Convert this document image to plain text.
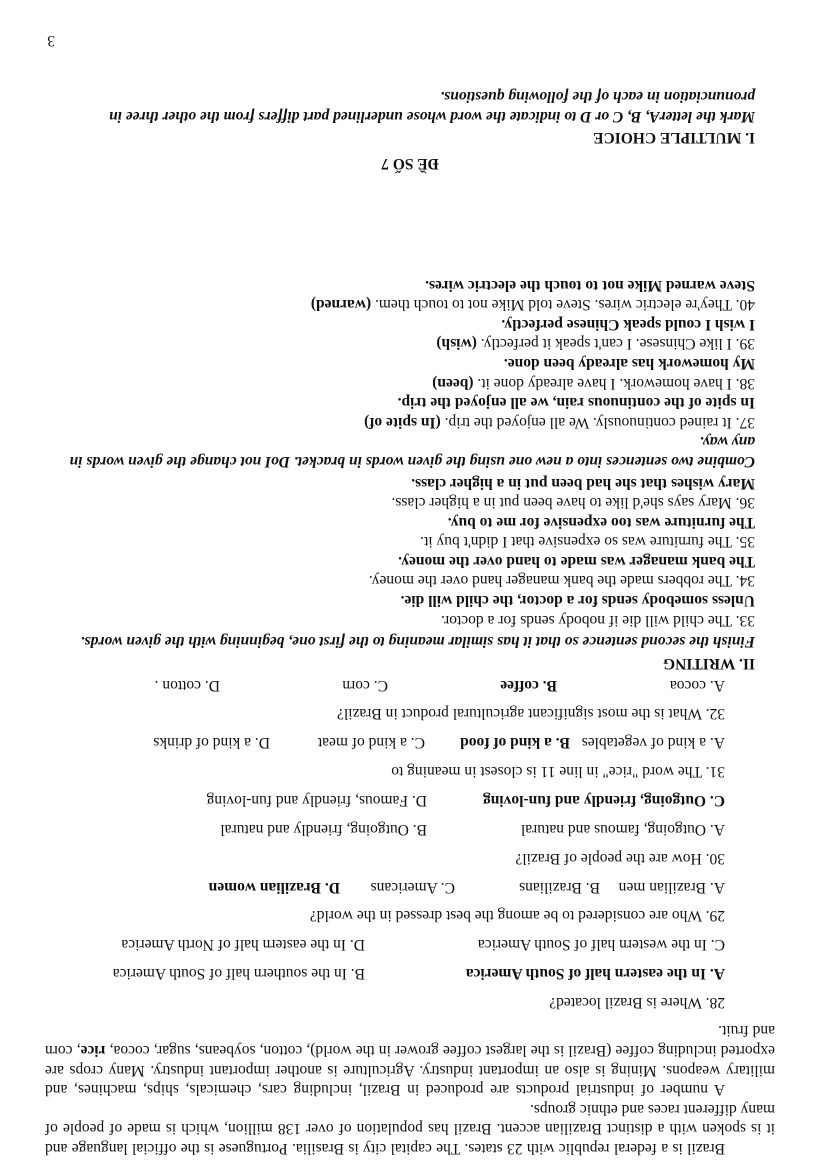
Brazil is a federal republic with 23 states. The capital city is Brasilia. Portuguese is the official language and it is spoken with a distinct Brazilian accent. Brazil has population of over 138 million, which is made of people of many different races and ethnic groups.

A number of industrial products are produced in Brazil, including cars, chemicals, ships, machines, and military weapons. Mining is also an important industry. Agriculture is another important industry. Many crops are exported including coffee (Brazil is the largest coffee grower in the world), cotton, soybeans, sugar, cocoa, rice, corn and fruit.

28. Where is Brazil located?
A. In the eastern half of South America
B. In the southern half of South America
C. In the western half of South America
D. In the eastern half of North America
29. Who are considered to be among the best dressed in the world?
A. Brazilian men
B. Brazilians
C. Americans
D. Brazilian women
30. How are the people of Brazil?
A. Outgoing, famous and natural
B. Outgoing, friendly and natural
C. Outgoing, friendly and fun-loving
D. Famous, friendly and fun-loving
31. The word "rice" in line 11 is closest in meaning to
A. a kind of vegetables
B. a kind of food
C. a kind of meat
D. a kind of drinks
32. What is the most significant agricultural product in Brazil?
A. cocoa
B. coffee
C. corn
D. cotton .
II. WRITING
Finish the second sentence so that it has similar meaning to the first one, beginning with the given words.
33. The child will die if nobody sends for a doctor.
Unless somebody sends for a doctor, the child will die.
34. The robbers made the bank manager hand over the money.
The bank manager was made to hand over the money.
35. The furniture was so expensive that I didn't buy it.
The furniture was too expensive for me to buy.
36. Mary says she'd like to have been put in a higher class.
Mary wishes that she had been put in a higher class.
Combine two sentences into a new one using the given words in bracket. DoI not change the given words in any way.
37. It rained continuously. We all enjoyed the trip. (In spite of)
In spite of the continuous rain, we all enjoyed the trip.
38. I have homework. I have already done it. (been)
My homework has already been done.
39. I like Chinsese. I can't speak it perfectly. (wish)
I wish I could speak Chinese perfectly.
40. They're electric wires. Steve told Mike not to touch them. (warned)
Steve warned Mike not to touch the electric wires.
ĐỀ SỐ 7
I. MULTIPLE CHOICE
Mark the letterA, B, C or D to indicate the word whose underlined part differs from the other three in pronunciation in each of the following questions.
3
